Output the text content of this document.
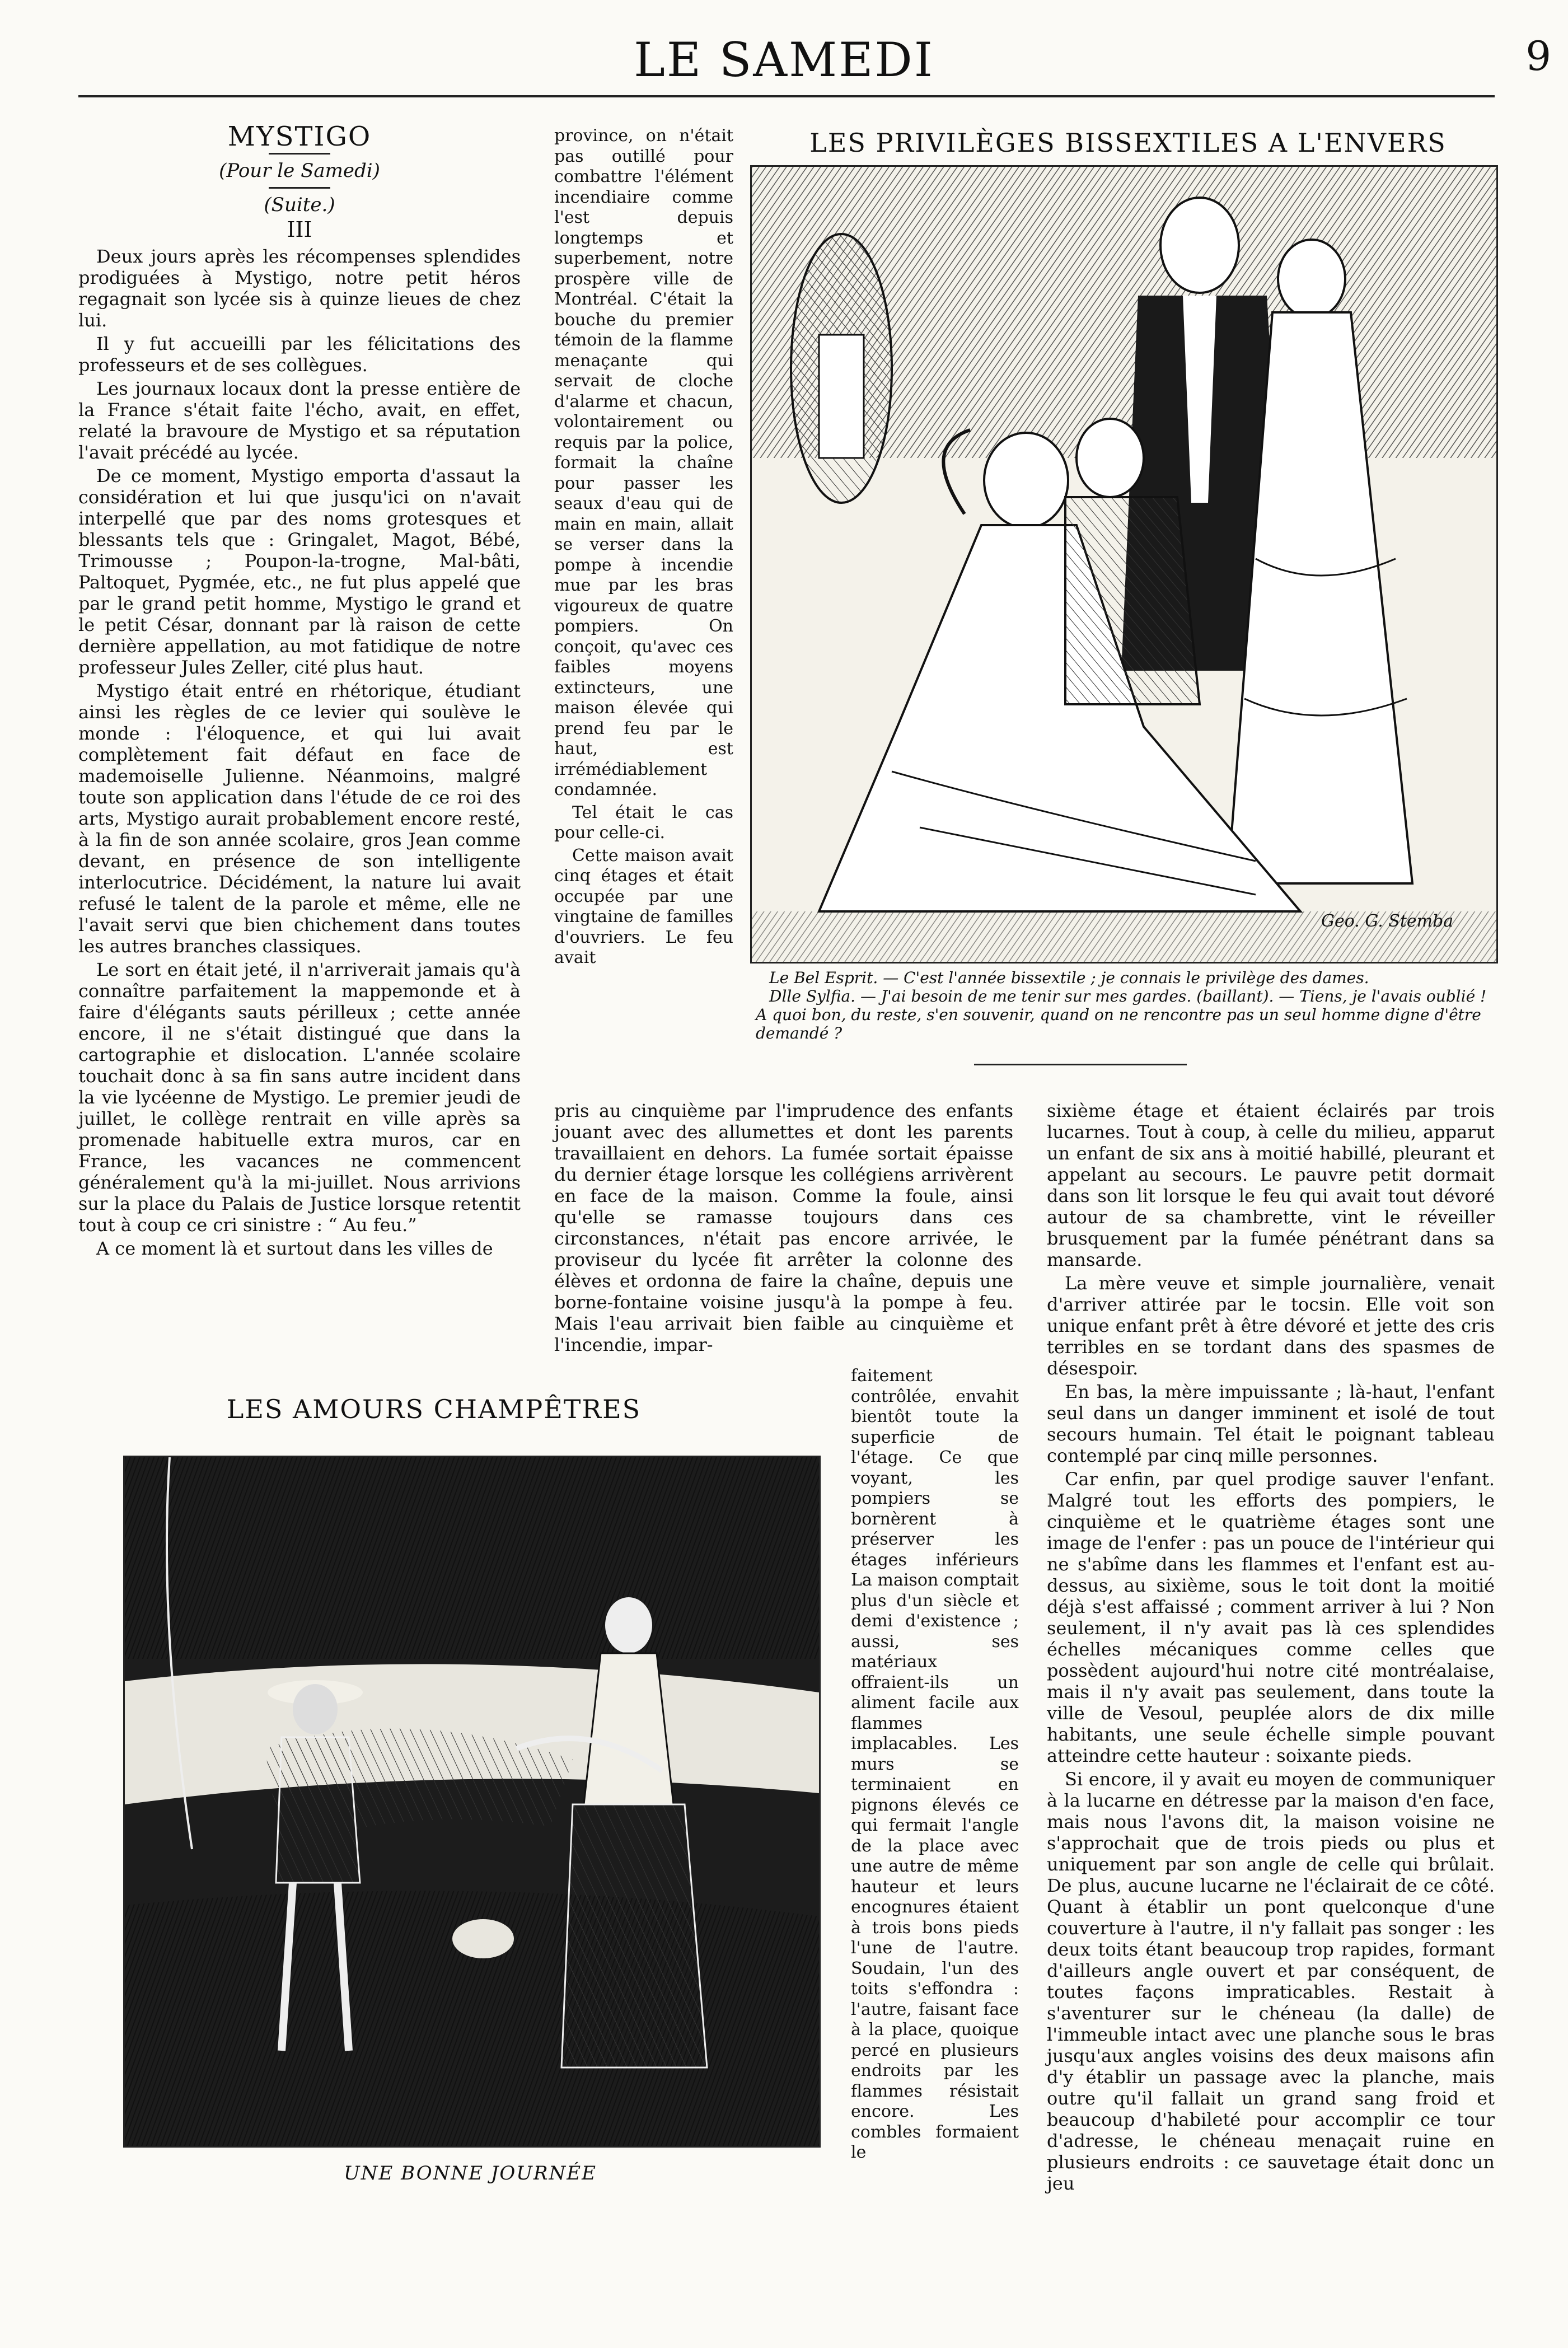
LE SAMEDI	9
MYSTIGO
(Pour le Samedi)
(Suite.)
III

Deux jours après les récompenses splendides prodiguées à Mystigo, notre petit héros regagnait son lycée sis à quinze lieues de chez lui.

Il y fut accueilli par les félicitations des professeurs et de ses collègues.

Les journaux locaux dont la presse entière de la France s'était faite l'écho, avait, en effet, relaté la bravoure de Mystigo et sa réputation l'avait précédé au lycée.

De ce moment, Mystigo emporta d'assaut la considération et lui que jusqu'ici on n'avait interpellé que par des noms grotesques et blessants tels que : Gringalet, Magot, Bébé, Trimousse ; Poupon-la-trogne, Mal-bâti, Paltoquet, Pygmée, etc., ne fut plus appelé que par le grand petit homme, Mystigo le grand et le petit César, donnant par là raison de cette dernière appellation, au mot fatidique de notre professeur Jules Zeller, cité plus haut.

Mystigo était entré en rhétorique, étudiant ainsi les règles de ce levier qui soulève le monde : l'éloquence, et qui lui avait complètement fait défaut en face de mademoiselle Julienne. Néanmoins, malgré toute son application dans l'étude de ce roi des arts, Mystigo aurait probablement encore resté, à la fin de son année scolaire, gros Jean comme devant, en présence de son intelligente interlocutrice. Décidément, la nature lui avait refusé le talent de la parole et même, elle ne l'avait servi que bien chichement dans toutes les autres branches classiques.

Le sort en était jeté, il n'arriverait jamais qu'à connaître parfaitement la mappemonde et à faire d'élégants sauts périlleux ; cette année encore, il ne s'était distingué que dans la cartographie et dislocation. L'année scolaire touchait donc à sa fin sans autre incident dans la vie lycéenne de Mystigo. Le premier jeudi de juillet, le collège rentrait en ville après sa promenade habituelle extra muros, car en France, les vacances ne commencent généralement qu'à la mi-juillet. Nous arrivions sur la place du Palais de Justice lorsque retentit tout à coup ce cri sinistre : “ Au feu.”

A ce moment là et surtout dans les villes de

province, on n'était pas outillé pour combattre l'élément incendiaire comme l'est depuis longtemps et superbement, notre prospère ville de Montréal. C'était la bouche du premier témoin de la flamme menaçante qui servait de cloche d'alarme et chacun, volontairement ou requis par la police, formait la chaîne pour passer les seaux d'eau qui de main en main, allait se verser dans la pompe à incendie mue par les bras vigoureux de quatre pompiers. On conçoit, qu'avec ces faibles moyens extincteurs, une maison élevée qui prend feu par le haut, est irrémédiablement condamnée.

Tel était le cas pour celle-ci.

Cette maison avait cinq étages et était occupée par une vingtaine de familles d'ouvriers. Le feu avait

LES PRIVILÈGES BISSEXTILES A L'ENVERS
Geo. G. Stemba

Le Bel Esprit. — C'est l'année bissextile ; je connais le privilège des dames.

Dlle Sylfia. — J'ai besoin de me tenir sur mes gardes. (baillant). — Tiens, je l'avais oublié ! A quoi bon, du reste, s'en souvenir, quand on ne rencontre pas un seul homme digne d'être demandé ?

pris au cinquième par l'imprudence des enfants jouant avec des allumettes et dont les parents travaillaient en dehors. La fumée sortait épaisse du dernier étage lorsque les collégiens arrivèrent en face de la maison. Comme la foule, ainsi qu'elle se ramasse toujours dans ces circonstances, n'était pas encore arrivée, le proviseur du lycée fit arrêter la colonne des élèves et ordonna de faire la chaîne, depuis une borne-fontaine voisine jusqu'à la pompe à feu. Mais l'eau arrivait bien faible au cinquième et l'incendie, impar-

LES AMOURS CHAMPÊTRES
UNE BONNE JOURNÉE

faitement contrôlée, envahit bientôt toute la superficie de l'étage. Ce que voyant, les pompiers se bornèrent à préserver les étages inférieurs La maison comptait plus d'un siècle et demi d'existence ; aussi, ses matériaux offraient-ils un aliment facile aux flammes implacables. Les murs se terminaient en pignons élevés ce qui fermait l'angle de la place avec une autre de même hauteur et leurs encognures étaient à trois bons pieds l'une de l'autre. Soudain, l'un des toits s'effondra : l'autre, faisant face à la place, quoique percé en plusieurs endroits par les flammes résistait encore. Les combles formaient le

sixième étage et étaient éclairés par trois lucarnes. Tout à coup, à celle du milieu, apparut un enfant de six ans à moitié habillé, pleurant et appelant au secours. Le pauvre petit dormait dans son lit lorsque le feu qui avait tout dévoré autour de sa chambrette, vint le réveiller brusquement par la fumée pénétrant dans sa mansarde.

La mère veuve et simple journalière, venait d'arriver attirée par le tocsin. Elle voit son unique enfant prêt à être dévoré et jette des cris terribles en se tordant dans des spasmes de désespoir.

En bas, la mère impuissante ; là-haut, l'enfant seul dans un danger imminent et isolé de tout secours humain. Tel était le poignant tableau contemplé par cinq mille personnes.

Car enfin, par quel prodige sauver l'enfant. Malgré tout les efforts des pompiers, le cinquième et le quatrième étages sont une image de l'enfer : pas un pouce de l'intérieur qui ne s'abîme dans les flammes et l'enfant est au-dessus, au sixième, sous le toit dont la moitié déjà s'est affaissé ; comment arriver à lui ? Non seulement, il n'y avait pas là ces splendides échelles mécaniques comme celles que possèdent aujourd'hui notre cité montréalaise, mais il n'y avait pas seulement, dans toute la ville de Vesoul, peuplée alors de dix mille habitants, une seule échelle simple pouvant atteindre cette hauteur : soixante pieds.

Si encore, il y avait eu moyen de communiquer à la lucarne en détresse par la maison d'en face, mais nous l'avons dit, la maison voisine ne s'approchait que de trois pieds ou plus et uniquement par son angle de celle qui brûlait. De plus, aucune lucarne ne l'éclairait de ce côté. Quant à établir un pont quelconque d'une couverture à l'autre, il n'y fallait pas songer : les deux toits étant beaucoup trop rapides, formant d'ailleurs angle ouvert et par conséquent, de toutes façons impraticables. Restait à s'aventurer sur le chéneau (la dalle) de l'immeuble intact avec une planche sous le bras jusqu'aux angles voisins des deux maisons afin d'y établir un passage avec la planche, mais outre qu'il fallait un grand sang froid et beaucoup d'habileté pour accomplir ce tour d'adresse, le chéneau menaçait ruine en plusieurs endroits : ce sauvetage était donc un jeu
